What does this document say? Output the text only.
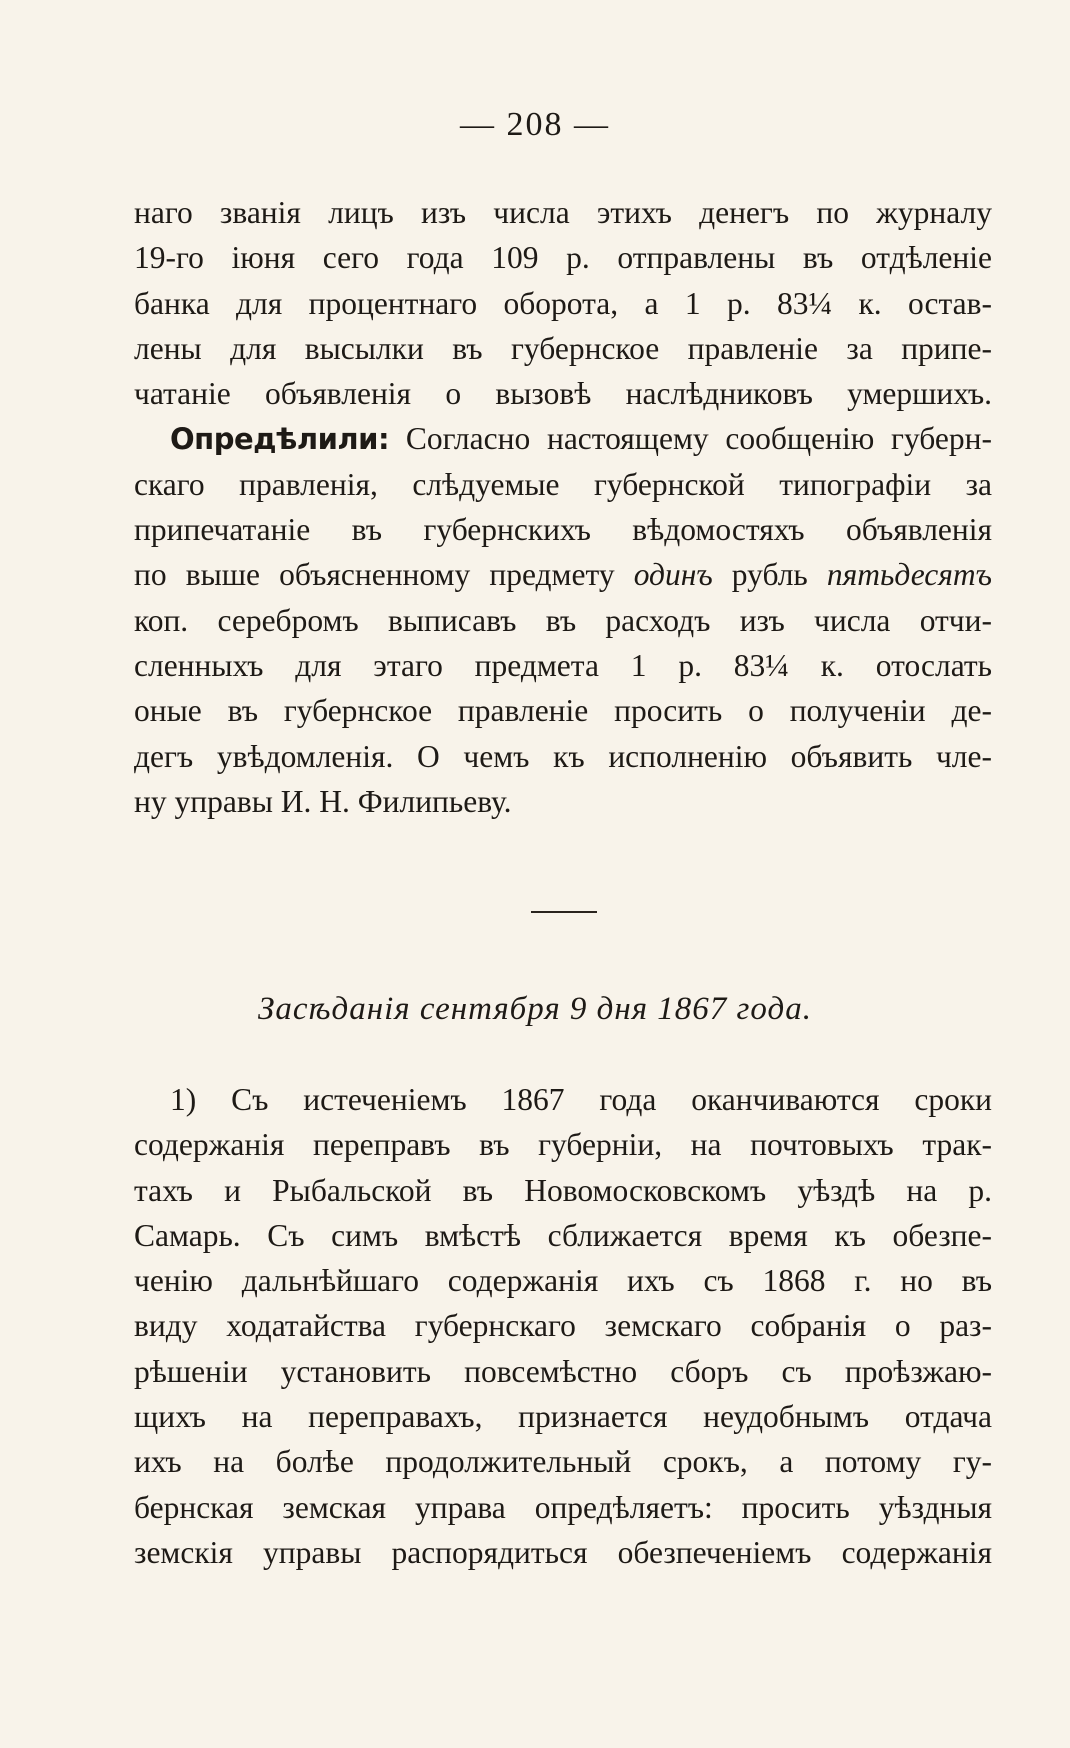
— 208 —
наго званія лицъ изъ числа этихъ денегъ по журналу
19-го іюня сего года 109 р. отправлены въ отдѣленіе
банка для процентнаго оборота, а 1 р. 83¼ к. остав-
лены для высылки въ губернское правленіе за припе-
чатаніе объявленія о вызовѣ наслѣдниковъ умершихъ.
Опредѣлили: Согласно настоящему сообщенію губерн-
скаго правленія, слѣдуемые губернской типографіи за
припечатаніе въ губернскихъ вѣдомостяхъ объявленія
по выше объясненному предмету одинъ рубль пятьдесятъ
коп. серебромъ выписавъ въ расходъ изъ числа отчи-
сленныхъ для этаго предмета 1 р. 83¼ к. отослать
оные въ губернское правленіе просить о полученіи де-
дегъ увѣдомленія. О чемъ къ исполненію объявить чле-
ну управы И. Н. Филипьеву.
Засѣданія сентября 9 дня 1867 года.
1) Съ истеченіемъ 1867 года оканчиваются сроки
содержанія переправъ въ губерніи, на почтовыхъ трак-
тахъ и Рыбальской въ Новомосковскомъ уѣздѣ на р.
Самарь. Съ симъ вмѣстѣ сближается время къ обезпе-
ченію дальнѣйшаго содержанія ихъ съ 1868 г. но въ
виду ходатайства губернскаго земскаго собранія о раз-
рѣшеніи установить повсемѣстно сборъ съ проѣзжаю-
щихъ на переправахъ, признается неудобнымъ отдача
ихъ на болѣе продолжительный срокъ, а потому гу-
бернская земская управа опредѣляетъ: просить уѣздныя
земскія управы распорядиться обезпеченіемъ содержанія
